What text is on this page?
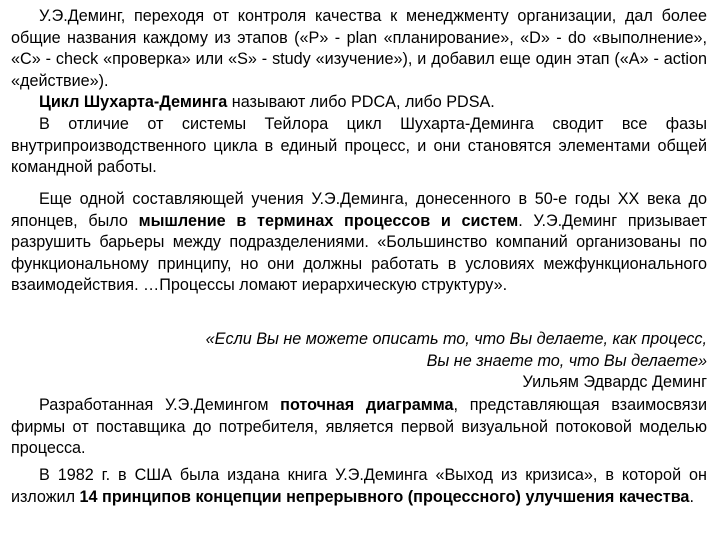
У.Э.Деминг, переходя от контроля качества к менеджменту организации, дал более общие названия каждому из этапов («P» - plan «планирование», «D» - do «выполнение», «C» - check «проверка» или «S» - study «изучение»), и добавил еще один этап («A» - action «действие»).

Цикл Шухарта-Деминга называют либо PDCA, либо PDSA.

В отличие от системы Тейлора цикл Шухарта-Деминга сводит все фазы внутрипроизводственного цикла в единый процесс, и они становятся элементами общей командной работы.

Еще одной составляющей учения У.Э.Деминга, донесенного в 50-е годы XX века до японцев, было мышление в терминах процессов и систем. У.Э.Деминг призывает разрушить барьеры между подразделениями. «Большинство компаний организованы по функциональному принципу, но они должны работать в условиях межфункционального взаимодействия. …Процессы ломают иерархическую структуру».

«Если Вы не можете описать то, что Вы делаете, как процесс,
Вы не знаете то, что Вы делаете»
Уильям Эдвардс Деминг

Разработанная У.Э.Демингом поточная диаграмма, представляющая взаимосвязи фирмы от поставщика до потребителя, является первой визуальной потоковой моделью процесса.

В 1982 г. в США была издана книга У.Э.Деминга «Выход из кризиса», в которой он изложил 14 принципов концепции непрерывного (процессного) улучшения качества.
